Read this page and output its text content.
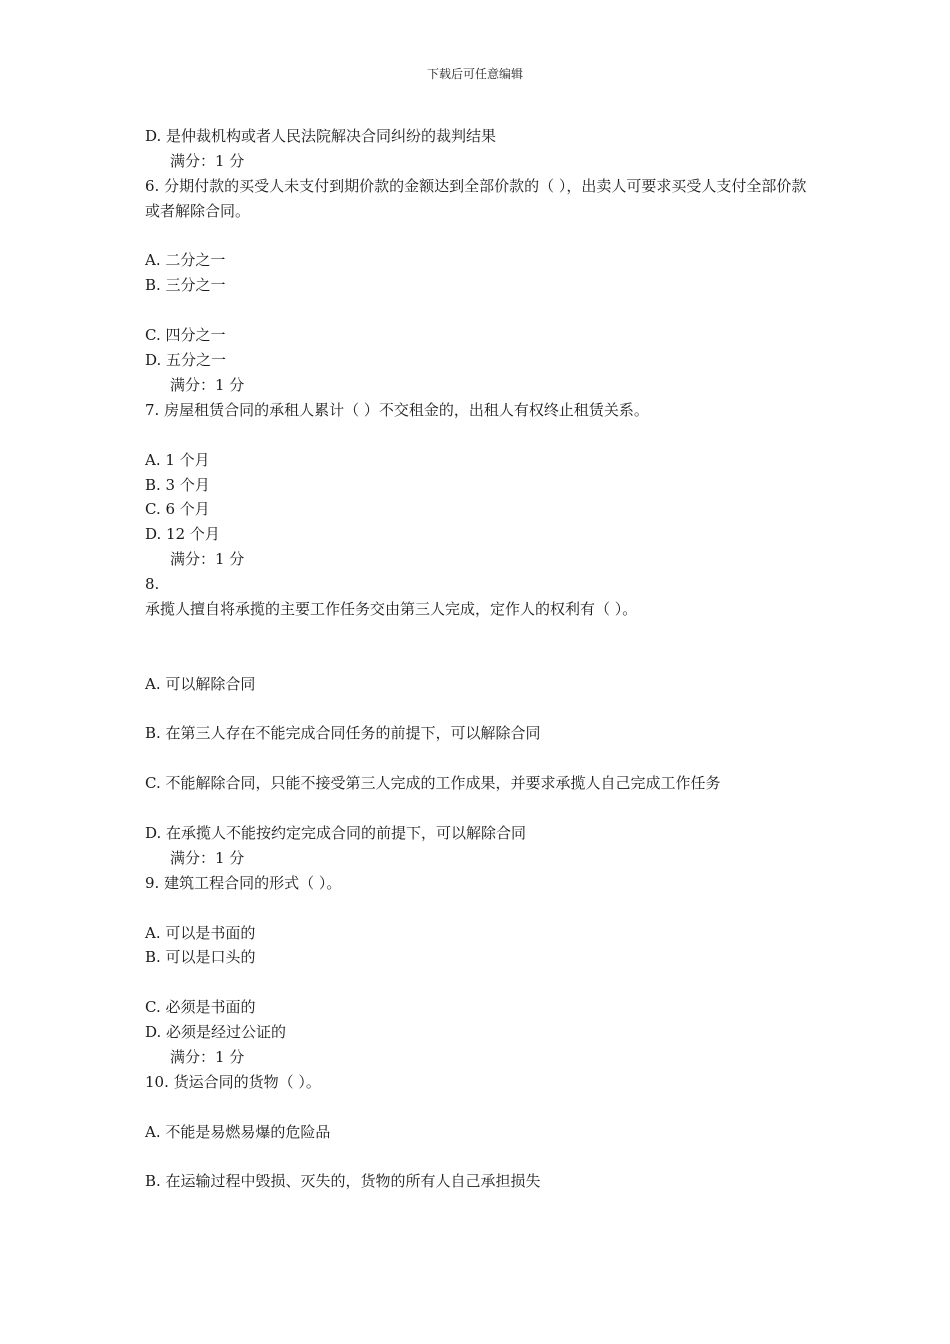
下载后可任意编辑
D. 是仲裁机构或者人民法院解决合同纠纷的裁判结果
满分：1 分
6. 分期付款的买受人未支付到期价款的金额达到全部价款的（ ），出卖人可要求买受人支付全部价款或者解除合同。
A. 二分之一
B. 三分之一
C. 四分之一
D. 五分之一
满分：1 分
7. 房屋租赁合同的承租人累计（ ）不交租金的，出租人有权终止租赁关系。
A. 1 个月
B. 3 个月
C. 6 个月
D. 12 个月
满分：1 分
8.
承揽人擅自将承揽的主要工作任务交由第三人完成，定作人的权利有（ ）。
A. 可以解除合同
B. 在第三人存在不能完成合同任务的前提下，可以解除合同
C. 不能解除合同，只能不接受第三人完成的工作成果，并要求承揽人自己完成工作任务
D. 在承揽人不能按约定完成合同的前提下，可以解除合同
满分：1 分
9. 建筑工程合同的形式（ ）。
A. 可以是书面的
B. 可以是口头的
C. 必须是书面的
D. 必须是经过公证的
满分：1 分
10. 货运合同的货物（ ）。
A. 不能是易燃易爆的危险品
B. 在运输过程中毁损、灭失的，货物的所有人自己承担损失
